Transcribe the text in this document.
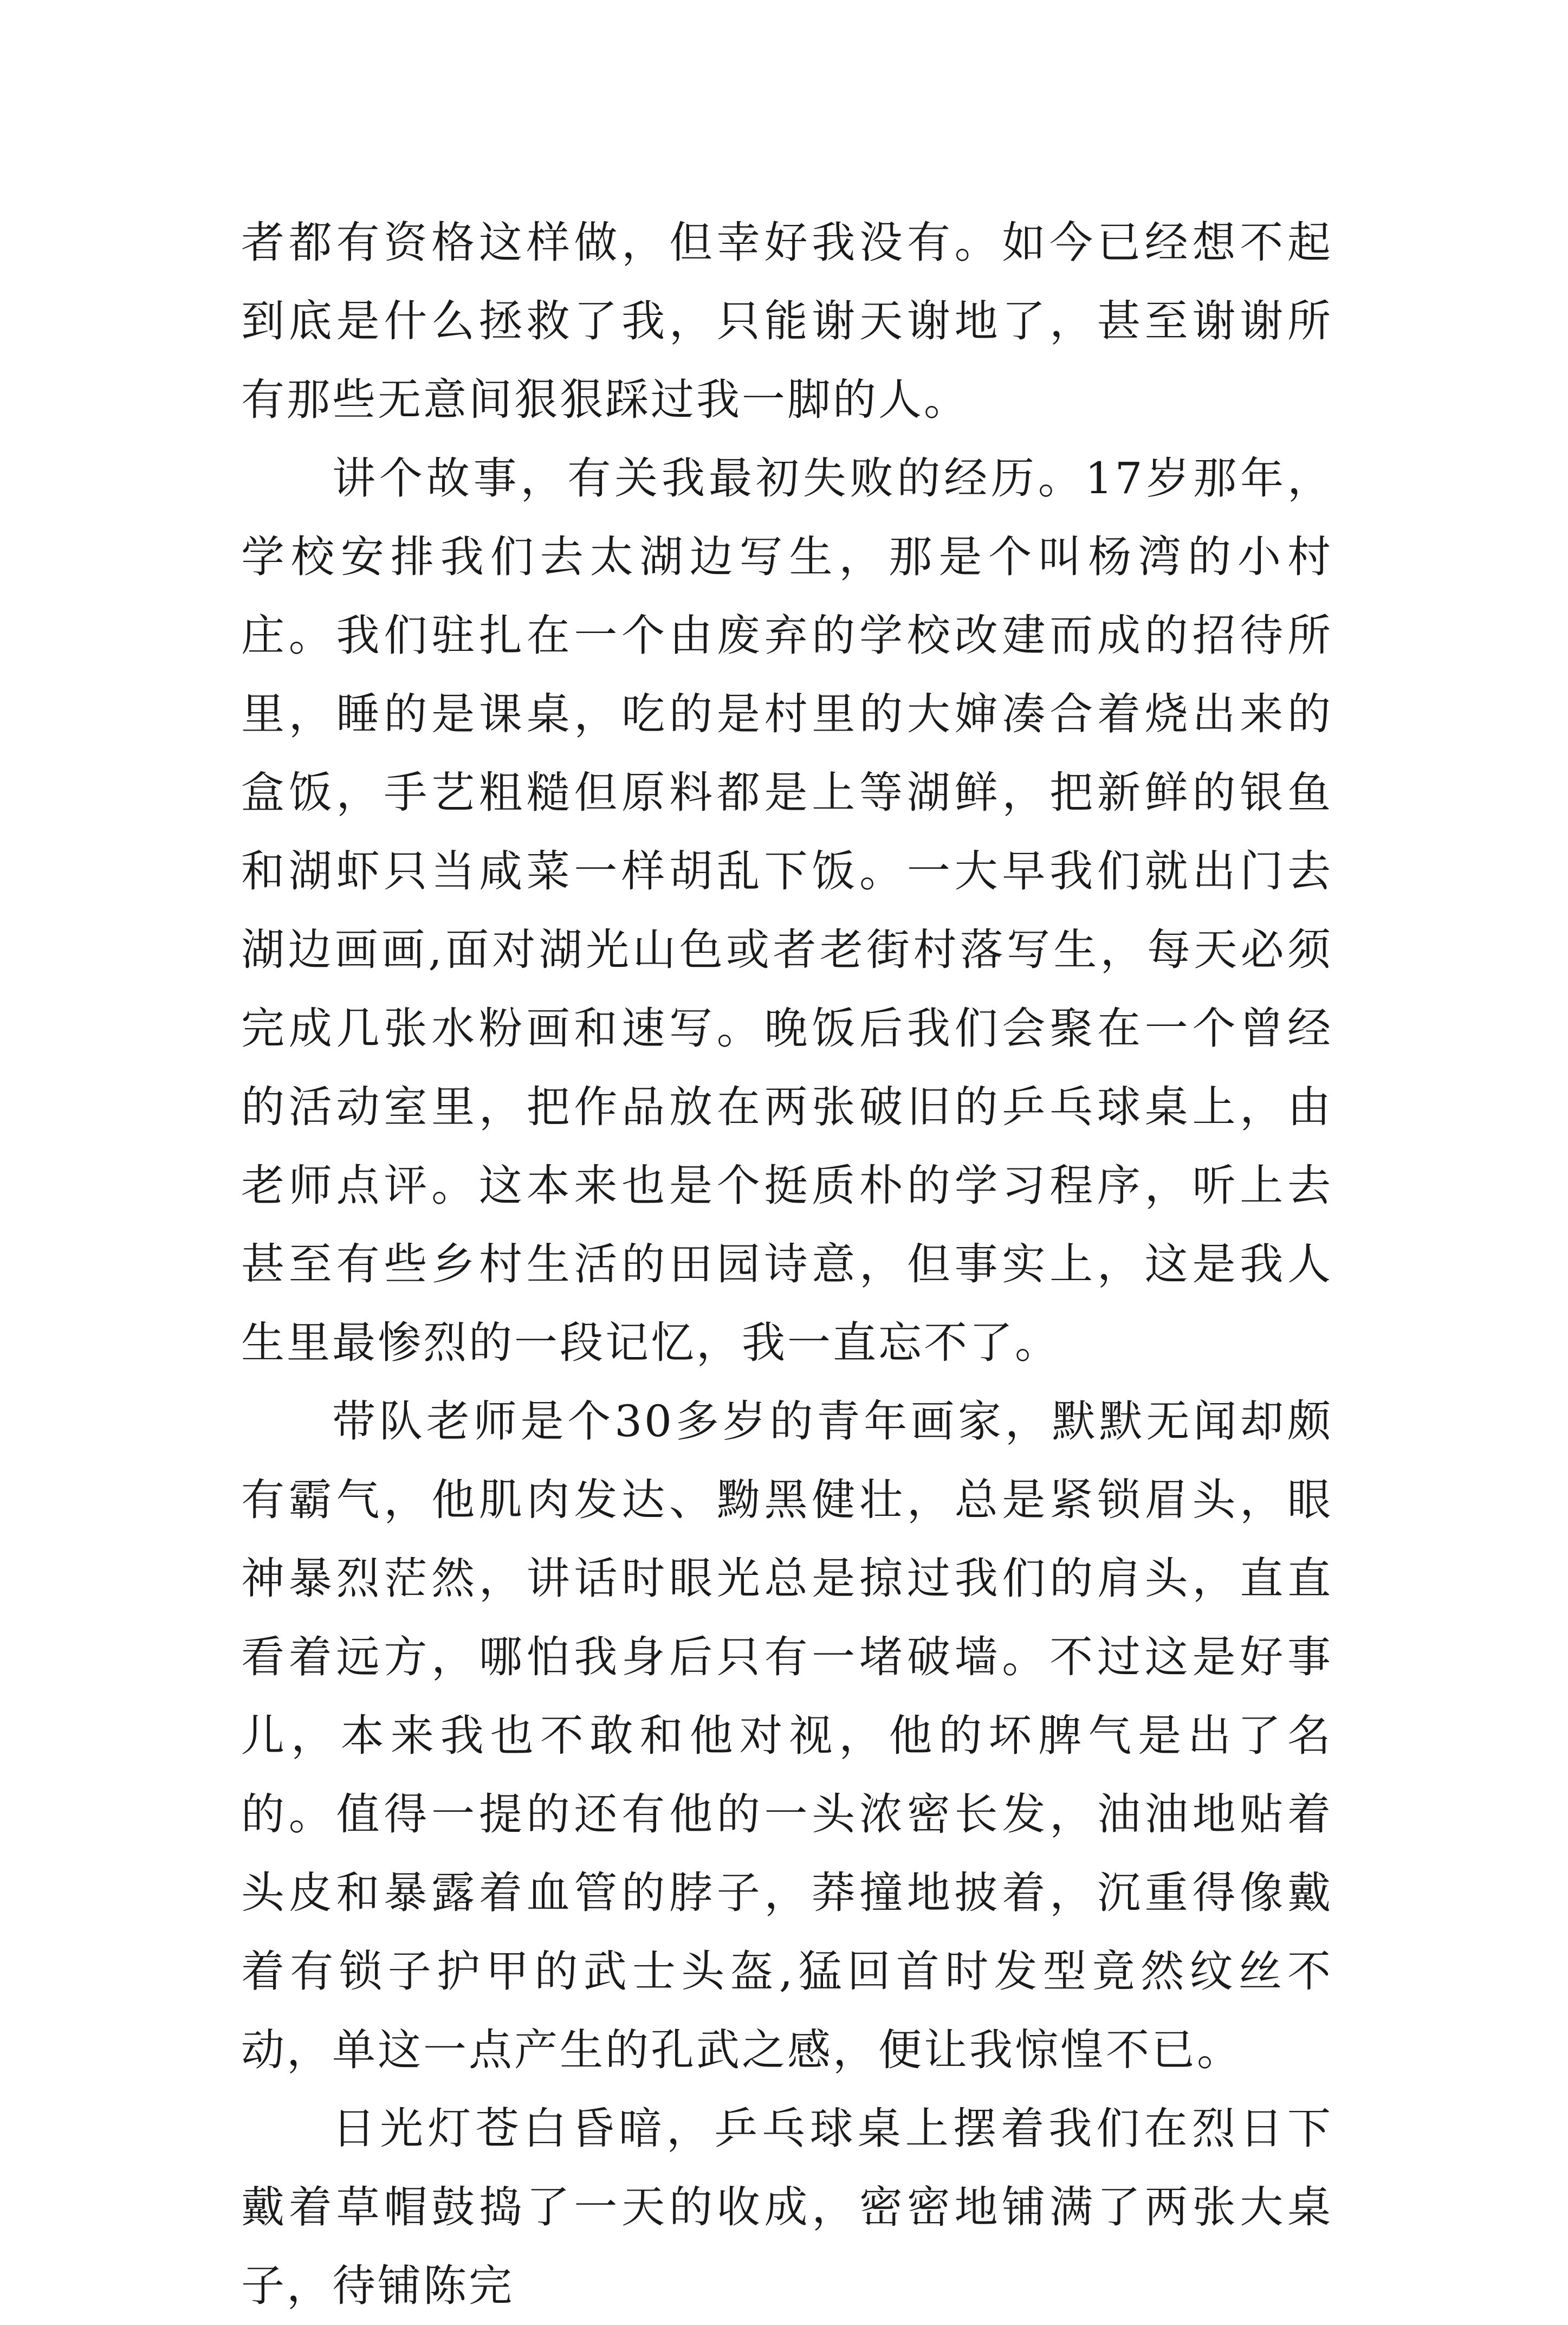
者都有资格这样做，但幸好我没有。如今已经想不起到底是什么拯救了我，只能谢天谢地了，甚至谢谢所有那些无意间狠狠踩过我一脚的人。

讲个故事，有关我最初失败的经历。17岁那年，学校安排我们去太湖边写生，那是个叫杨湾的小村庄。我们驻扎在一个由废弃的学校改建而成的招待所里，睡的是课桌，吃的是村里的大婶凑合着烧出来的盒饭，手艺粗糙但原料都是上等湖鲜，把新鲜的银鱼和湖虾只当咸菜一样胡乱下饭。一大早我们就出门去湖边画画,面对湖光山色或者老街村落写生，每天必须完成几张水粉画和速写。晚饭后我们会聚在一个曾经的活动室里，把作品放在两张破旧的乒乓球桌上，由老师点评。这本来也是个挺质朴的学习程序，听上去甚至有些乡村生活的田园诗意，但事实上，这是我人生里最惨烈的一段记忆，我一直忘不了。

带队老师是个30多岁的青年画家，默默无闻却颇有霸气，他肌肉发达、黝黑健壮，总是紧锁眉头，眼神暴烈茫然，讲话时眼光总是掠过我们的肩头，直直看着远方，哪怕我身后只有一堵破墙。不过这是好事儿，本来我也不敢和他对视，他的坏脾气是出了名的。值得一提的还有他的一头浓密长发，油油地贴着头皮和暴露着血管的脖子，莽撞地披着，沉重得像戴着有锁子护甲的武士头盔,猛回首时发型竟然纹丝不动，单这一点产生的孔武之感，便让我惊惶不已。

日光灯苍白昏暗，乒乓球桌上摆着我们在烈日下戴着草帽鼓捣了一天的收成，密密地铺满了两张大桌子，待铺陈完
